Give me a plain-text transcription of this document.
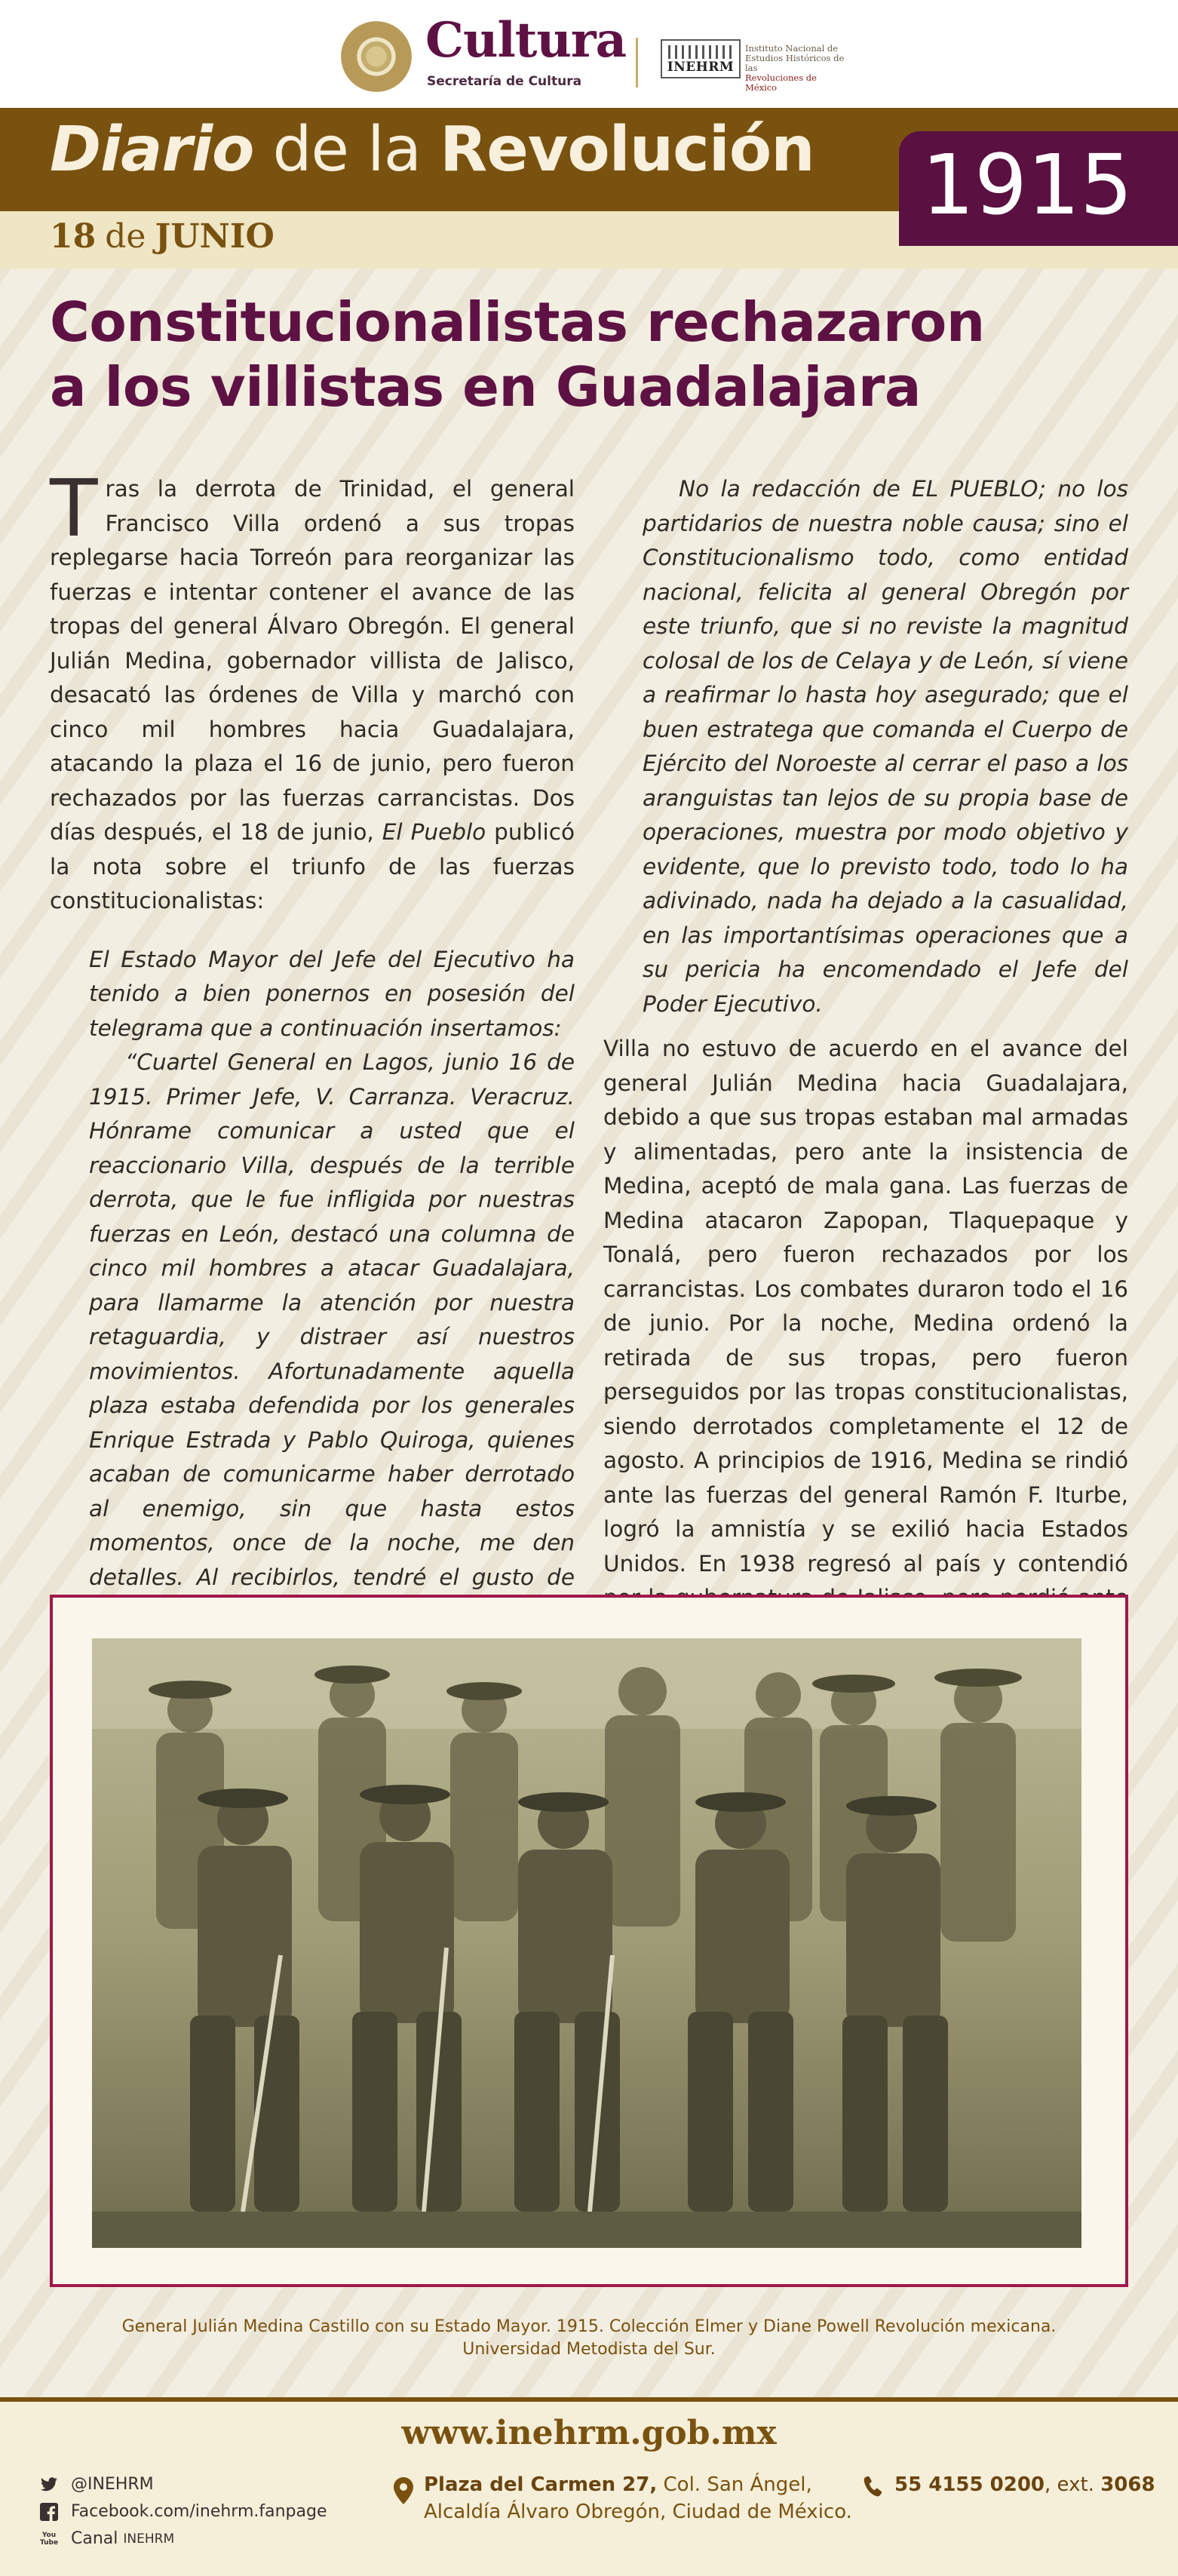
Cultura
Secretaría de Cultura
INEHRM
Instituto Nacional de
Estudios Históricos de las
Revoluciones de México
Diario de la Revolución
18 de JUNIO
1915
Constitucionalistas rechazaron
a los villistas en Guadalajara

Tras la derrota de Trinidad, el general Francisco Villa ordenó a sus tropas replegarse hacia Torreón para reorganizar las fuerzas e intentar contener el avance de las tropas del general Álvaro Obregón. El general Julián Medina, gobernador villista de Jalisco, desacató las órdenes de Villa y marchó con cinco mil hombres hacia Guadalajara, atacando la plaza el 16 de junio, pero fueron rechazados por las fuerzas carrancistas. Dos días después, el 18 de junio, El Pueblo publicó la nota sobre el triunfo de las fuerzas constitucionalistas:

El Estado Mayor del Jefe del Ejecutivo ha tenido a bien ponernos en posesión del telegrama que a continuación insertamos:

“Cuartel General en Lagos, junio 16 de 1915. Primer Jefe, V. Carranza. Veracruz. Hónrame comunicar a usted que el reaccionario Villa, después de la terrible derrota, que le fue infligida por nuestras fuerzas en León, destacó una columna de cinco mil hombres a atacar Guadalajara, para llamarme la atención por nuestra retaguardia, y distraer así nuestros movimientos. Afortunadamente aquella plaza estaba defendida por los generales Enrique Estrada y Pablo Quiroga, quienes acaban de comunicarme haber derrotado al enemigo, sin que hasta estos momentos, once de la noche, me den detalles. Al recibirlos, tendré el gusto de

No la redacción de EL PUEBLO; no los partidarios de nuestra noble causa; sino el Constitucionalismo todo, como entidad nacional, felicita al general Obregón por este triunfo, que si no reviste la magnitud colosal de los de Celaya y de León, sí viene a reafirmar lo hasta hoy asegurado; que el buen estratega que comanda el Cuerpo de Ejército del Noroeste al cerrar el paso a los aranguistas tan lejos de su propia base de operaciones, muestra por modo objetivo y evidente, que lo previsto todo, todo lo ha adivinado, nada ha dejado a la casualidad, en las importantísimas operaciones que a su pericia ha encomendado el Jefe del Poder Ejecutivo.

Villa no estuvo de acuerdo en el avance del general Julián Medina hacia Guadalajara, debido a que sus tropas estaban mal armadas y alimentadas, pero ante la insistencia de Medina, aceptó de mala gana. Las fuerzas de Medina atacaron Zapopan, Tlaquepaque y Tonalá, pero fueron rechazados por los carrancistas. Los combates duraron todo el 16 de junio. Por la noche, Medina ordenó la retirada de sus tropas, pero fueron perseguidos por las tropas constitucionalistas, siendo derrotados completamente el 12 de agosto. A principios de 1916, Medina se rindió ante las fuerzas del general Ramón F. Iturbe, logró la amnistía y se exilió hacia Estados Unidos. En 1938 regresó al país y contendió

General Julián Medina Castillo con su Estado Mayor. 1915. Colección Elmer y Diane Powell Revolución mexicana.
Universidad Metodista del Sur.
www.inehrm.gob.mx
@INEHRM
Facebook.com/inehrm.fanpage
You Tube Canal INEHRM
Plaza del Carmen 27, Col. San Ángel,
Alcaldía Álvaro Obregón, Ciudad de México.
55 4155 0200, ext. 3068
